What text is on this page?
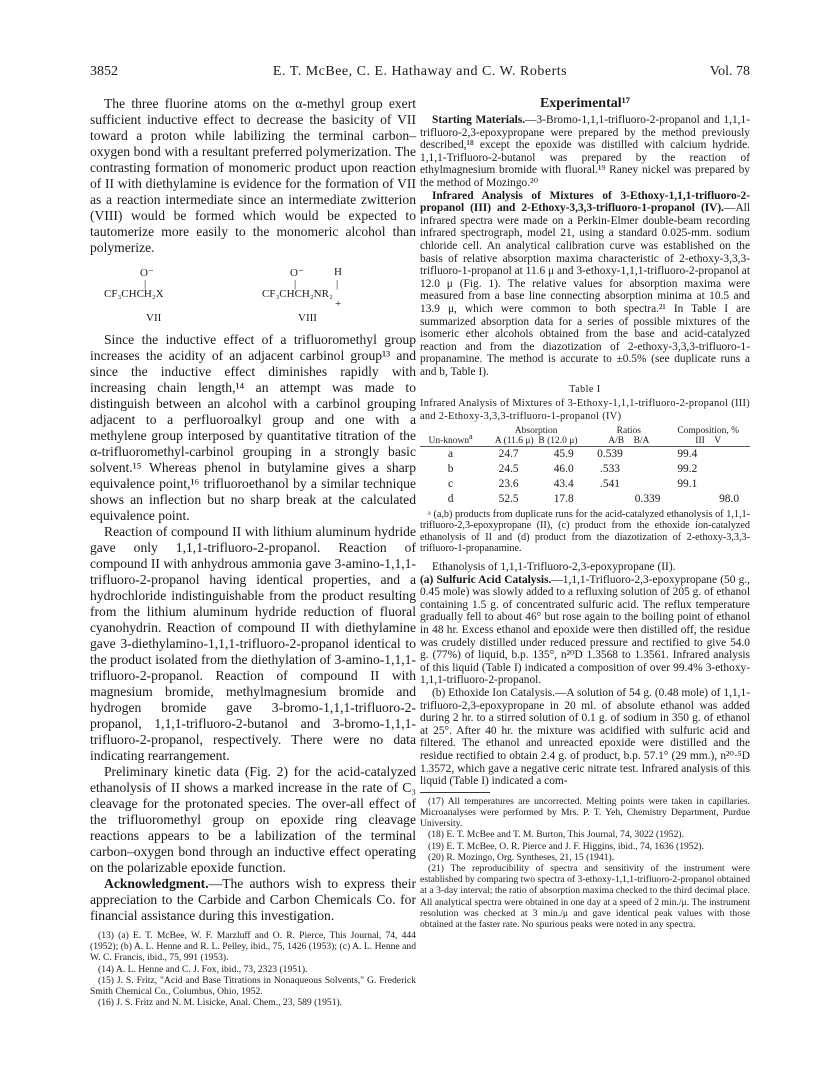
3852	E. T. McBee, C. E. Hathaway and C. W. Roberts	Vol. 78

The three fluorine atoms on the α-methyl group exert sufficient inductive effect to decrease the basicity of VII toward a proton while labilizing the terminal carbon–oxygen bond with a resultant preferred polymerization. The contrasting formation of monomeric product upon reaction of II with diethylamine is evidence for the formation of VII as a reaction intermediate since an intermediate zwitterion (VIII) would be formed which would be expected to tautomerize more easily to the monomeric alcohol than polymerize.

O⁻
|
CF₃CHCH₂X
VII
O⁻	H
|	|
CF₃CHCH₂NR₂
+
VIII

Since the inductive effect of a trifluoromethyl group increases the acidity of an adjacent carbinol group¹³ and since the inductive effect diminishes rapidly with increasing chain length,¹⁴ an attempt was made to distinguish between an alcohol with a carbinol grouping adjacent to a perfluoroalkyl group and one with a methylene group interposed by quantitative titration of the α-trifluoromethyl-carbinol grouping in a strongly basic solvent.¹⁵ Whereas phenol in butylamine gives a sharp equivalence point,¹⁶ trifluoroethanol by a similar technique shows an inflection but no sharp break at the calculated equivalence point.

Reaction of compound II with lithium aluminum hydride gave only 1,1,1-trifluoro-2-propanol. Reaction of compound II with anhydrous ammonia gave 3-amino-1,1,1-trifluoro-2-propanol having identical properties, and a hydrochloride indistinguishable from the product resulting from the lithium aluminum hydride reduction of fluoral cyanohydrin. Reaction of compound II with diethylamine gave 3-diethylamino-1,1,1-trifluoro-2-propanol identical to the product isolated from the diethylation of 3-amino-1,1,1-trifluoro-2-propanol. Reaction of compound II with magnesium bromide, methylmagnesium bromide and hydrogen bromide gave 3-bromo-1,1,1-trifluoro-2-propanol, 1,1,1-trifluoro-2-butanol and 3-bromo-1,1,1-trifluoro-2-propanol, respectively. There were no data indicating rearrangement.

Preliminary kinetic data (Fig. 2) for the acid-catalyzed ethanolysis of II shows a marked increase in the rate of C₃ cleavage for the protonated species. The over-all effect of the trifluoromethyl group on epoxide ring cleavage reactions appears to be a labilization of the terminal carbon–oxygen bond through an inductive effect operating on the polarizable epoxide function.

Acknowledgment.—The authors wish to express their appreciation to the Carbide and Carbon Chemicals Co. for financial assistance during this investigation.

(13) (a) E. T. McBee, W. F. Marzluff and O. R. Pierce, This Journal, 74, 444 (1952); (b) A. L. Henne and R. L. Pelley, ibid., 75, 1426 (1953); (c) A. L. Henne and W. C. Francis, ibid., 75, 991 (1953).

(14) A. L. Henne and C. J. Fox, ibid., 73, 2323 (1951).

(15) J. S. Fritz, "Acid and Base Titrations in Nonaqueous Solvents," G. Frederick Smith Chemical Co., Columbus, Ohio, 1952.

(16) J. S. Fritz and N. M. Lisicke, Anal. Chem., 23, 589 (1951).

Experimental¹⁷

Starting Materials.—3-Bromo-1,1,1-trifluoro-2-propanol and 1,1,1-trifluoro-2,3-epoxypropane were prepared by the method previously described,¹⁸ except the epoxide was distilled with calcium hydride. 1,1,1-Trifluoro-2-butanol was prepared by the reaction of ethylmagnesium bromide with fluoral.¹⁹ Raney nickel was prepared by the method of Mozingo.²⁰

Infrared Analysis of Mixtures of 3-Ethoxy-1,1,1-trifluoro-2-propanol (III) and 2-Ethoxy-3,3,3-trifluoro-1-propanol (IV).—All infrared spectra were made on a Perkin-Elmer double-beam recording infrared spectrograph, model 21, using a standard 0.025-mm. sodium chloride cell. An analytical calibration curve was established on the basis of relative absorption maxima characteristic of 2-ethoxy-3,3,3-trifluoro-1-propanol at 11.6 μ and 3-ethoxy-1,1,1-trifluoro-2-propanol at 12.0 μ (Fig. 1). The relative values for absorption maxima were measured from a base line connecting absorption minima at 10.5 and 13.9 μ, which were common to both spectra.²¹ In Table I are summarized absorption data for a series of possible mixtures of the isomeric ether alcohols obtained from the base and acid-catalyzed reaction and from the diazotization of 2-ethoxy-3,3,3-trifluoro-1-propanamine. The method is accurate to ±0.5% (see duplicate runs a and b, Table I).

Table I
Infrared Analysis of Mixtures of 3-Ethoxy-1,1,1-trifluoro-2-propanol (III) and 2-Ethoxy-3,3,3-trifluoro-1-propanol (IV)
Un-known$^a$	Absorption
A (11.6 μ) B (12.0 μ)		Ratios
A/B B/A		Composition, %
III V	
a	24.7	45.9	0.539		99.4	
b	24.5	46.0	.533		99.2	
c	23.6	43.4	.541		99.1	
d	52.5	17.8		0.339		98.0

ᵃ (a,b) products from duplicate runs for the acid-catalyzed ethanolysis of 1,1,1-trifluoro-2,3-epoxypropane (II), (c) product from the ethoxide ion-catalyzed ethanolysis of II and (d) product from the diazotization of 2-ethoxy-3,3,3-trifluoro-1-propanamine.

Ethanolysis of 1,1,1-Trifluoro-2,3-epoxypropane (II).

(a) Sulfuric Acid Catalysis.—1,1,1-Trifluoro-2,3-epoxypropane (50 g., 0.45 mole) was slowly added to a refluxing solution of 205 g. of ethanol containing 1.5 g. of concentrated sulfuric acid. The reflux temperature gradually fell to about 46° but rose again to the boiling point of ethanol in 48 hr. Excess ethanol and epoxide were then distilled off, the residue was crudely distilled under reduced pressure and rectified to give 54.0 g. (77%) of liquid, b.p. 135°, n²⁰D 1.3568 to 1.3561. Infrared analysis of this liquid (Table I) indicated a composition of over 99.4% 3-ethoxy-1,1,1-trifluoro-2-propanol.

(b) Ethoxide Ion Catalysis.—A solution of 54 g. (0.48 mole) of 1,1,1-trifluoro-2,3-epoxypropane in 20 ml. of absolute ethanol was added during 2 hr. to a stirred solution of 0.1 g. of sodium in 350 g. of ethanol at 25°. After 40 hr. the mixture was acidified with sulfuric acid and filtered. The ethanol and unreacted epoxide were distilled and the residue rectified to obtain 2.4 g. of product, b.p. 57.1° (29 mm.), n²⁰·⁵D 1.3572, which gave a negative ceric nitrate test. Infrared analysis of this liquid (Table I) indicated a com-

(17) All temperatures are uncorrected. Melting points were taken in capillaries. Microanalyses were performed by Mrs. P. T. Yeh, Chemistry Department, Purdue University.

(18) E. T. McBee and T. M. Burton, This Journal, 74, 3022 (1952).

(19) E. T. McBee, O. R. Pierce and J. F. Higgins, ibid., 74, 1636 (1952).

(20) R. Mozingo, Org. Syntheses, 21, 15 (1941).

(21) The reproducibility of spectra and sensitivity of the instrument were established by comparing two spectra of 3-ethoxy-1,1,1-trifluoro-2-propanol obtained at a 3-day interval; the ratio of absorption maxima checked to the third decimal place. All analytical spectra were obtained in one day at a speed of 2 min./μ. The instrument resolution was checked at 3 min./μ and gave identical peak values with those obtained at the faster rate. No spurious peaks were noted in any spectra.
